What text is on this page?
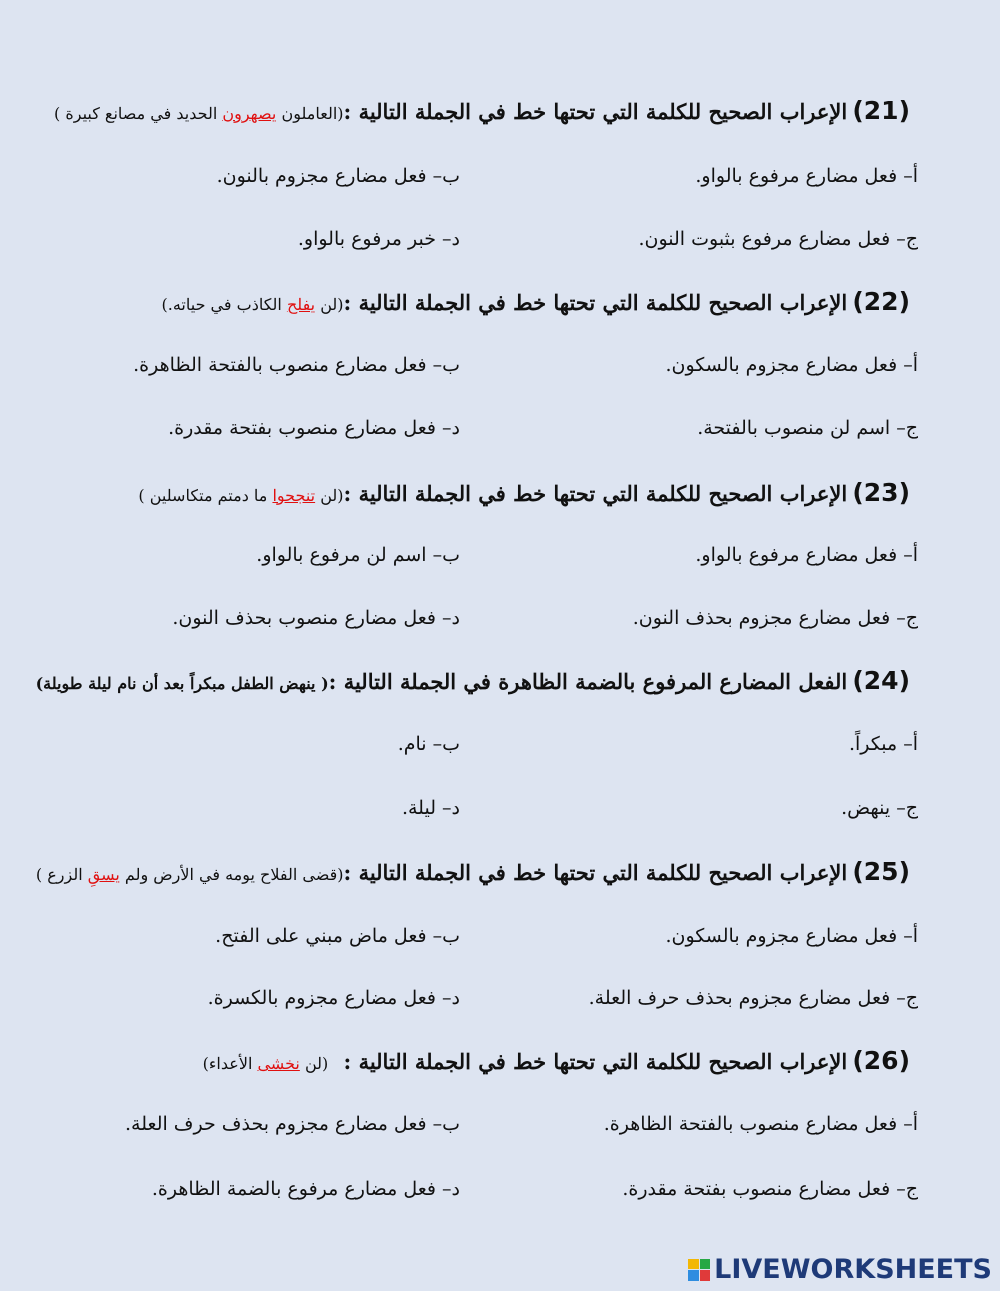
(21) الإعراب الصحيح للكلمة التي تحتها خط في الجملة التالية :(العاملون يصهرون الحديد في مصانع كبيرة )
أ– فعل مضارع مرفوع بالواو.
ب– فعل مضارع مجزوم بالنون.
ج– فعل مضارع مرفوع بثبوت النون.
د– خبر مرفوع بالواو.
(22) الإعراب الصحيح للكلمة التي تحتها خط في الجملة التالية :(لن يفلح الكاذب في حياته.)
أ– فعل مضارع مجزوم بالسكون.
ب– فعل مضارع منصوب بالفتحة الظاهرة.
ج– اسم لن منصوب بالفتحة.
د– فعل مضارع منصوب بفتحة مقدرة.
(23) الإعراب الصحيح للكلمة التي تحتها خط في الجملة التالية :(لن تنجحوا ما دمتم متكاسلين )
أ– فعل مضارع مرفوع بالواو.
ب– اسم لن مرفوع بالواو.
ج– فعل مضارع مجزوم بحذف النون.
د– فعل مضارع منصوب بحذف النون.
(24) الفعل المضارع المرفوع بالضمة الظاهرة في الجملة التالية :( ينهض الطفل مبكراً بعد أن نام ليلة طويلة)
أ– مبكراً.
ب– نام.
ج– ينهض.
د– ليلة.
(25) الإعراب الصحيح للكلمة التي تحتها خط في الجملة التالية :(قضى الفلاح يومه في الأرض ولم يسقِ الزرع )
أ– فعل مضارع مجزوم بالسكون.
ب– فعل ماض مبني على الفتح.
ج– فعل مضارع مجزوم بحذف حرف العلة.
د– فعل مضارع مجزوم بالكسرة.
(26) الإعراب الصحيح للكلمة التي تحتها خط في الجملة التالية :   (لن نخشى الأعداء)
أ– فعل مضارع منصوب بالفتحة الظاهرة.
ب– فعل مضارع مجزوم بحذف حرف العلة.
ج– فعل مضارع منصوب بفتحة مقدرة.
د– فعل مضارع مرفوع بالضمة الظاهرة.
LIVEWORKSHEETS
